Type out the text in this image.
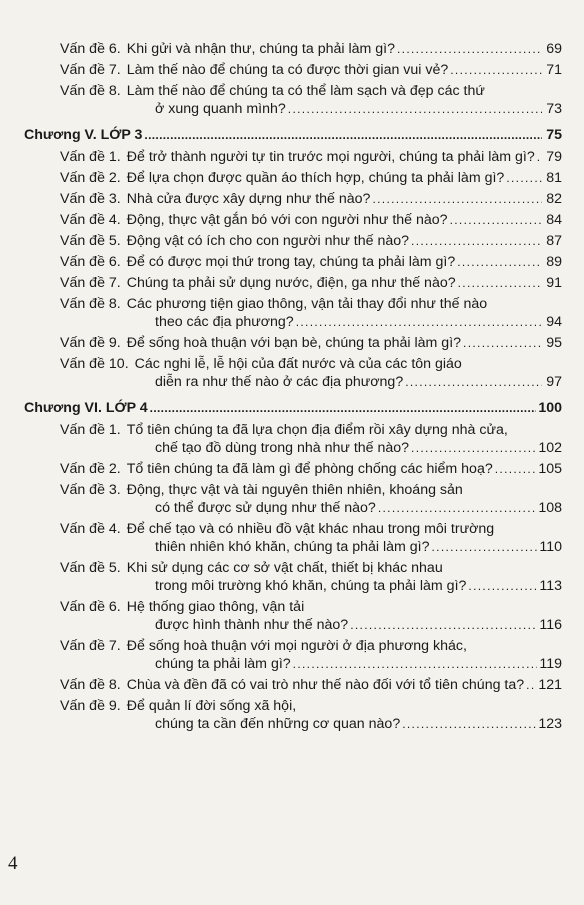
Vấn đề 6. Khi gửi và nhận thư, chúng ta phải làm gì? . . .	69
Vấn đề 7. Làm thế nào để chúng ta có được thời gian vui vẻ? . . .	71
Vấn đề 8. Làm thế nào để chúng ta có thể làm sạch và đẹp các thứ
ở xung quanh mình? . . .	73
Chương V. LỚP 3 . . .	75
Vấn đề 1. Để trở thành người tự tin trước mọi người, chúng ta phải làm gì? . . . 79
Vấn đề 2. Để lựa chọn được quần áo thích hợp, chúng ta phải làm gì? . . .	81
Vấn đề 3. Nhà cửa được xây dựng như thế nào? . . .	82
Vấn đề 4. Động, thực vật gắn bó với con người như thế nào? . . .	84
Vấn đề 5. Động vật có ích cho con người như thế nào? . . .	87
Vấn đề 6. Để có được mọi thứ trong tay, chúng ta phải làm gì? . . .	89
Vấn đề 7. Chúng ta phải sử dụng nước, điện, ga như thế nào? . . .	91
Vấn đề 8. Các phương tiện giao thông, vận tải thay đổi như thế nào
theo các địa phương? . . .	94
Vấn đề 9. Để sống hoà thuận với bạn bè, chúng ta phải làm gì? . . .	95
Vấn đề 10. Các nghi lễ, lễ hội của đất nước và của các tôn giáo
diễn ra như thế nào ở các địa phương? . . .	97
Chương VI. LỚP 4 . . .	100
Vấn đề 1. Tổ tiên chúng ta đã lựa chọn địa điểm rồi xây dựng nhà cửa,
chế tạo đồ dùng trong nhà như thế nào? . . .	102
Vấn đề 2. Tổ tiên chúng ta đã làm gì để phòng chống các hiểm hoạ? . . .	105
Vấn đề 3. Động, thực vật và tài nguyên thiên nhiên, khoáng sản
có thể được sử dụng như thế nào? . . .	108
Vấn đề 4. Để chế tạo và có nhiều đồ vật khác nhau trong môi trường
thiên nhiên khó khăn, chúng ta phải làm gì? . . .	110
Vấn đề 5. Khi sử dụng các cơ sở vật chất, thiết bị khác nhau
trong môi trường khó khăn, chúng ta phải làm gì? . . .	113
Vấn đề 6. Hệ thống giao thông, vận tải
được hình thành như thế nào? . . .	116
Vấn đề 7. Để sống hoà thuận với mọi người ở địa phương khác,
chúng ta phải làm gì? . . .	119
Vấn đề 8. Chùa và đền đã có vai trò như thế nào đối với tổ tiên chúng ta? . . . 121
Vấn đề 9. Để quản lí đời sống xã hội,
chúng ta cần đến những cơ quan nào? . . .	123
4
